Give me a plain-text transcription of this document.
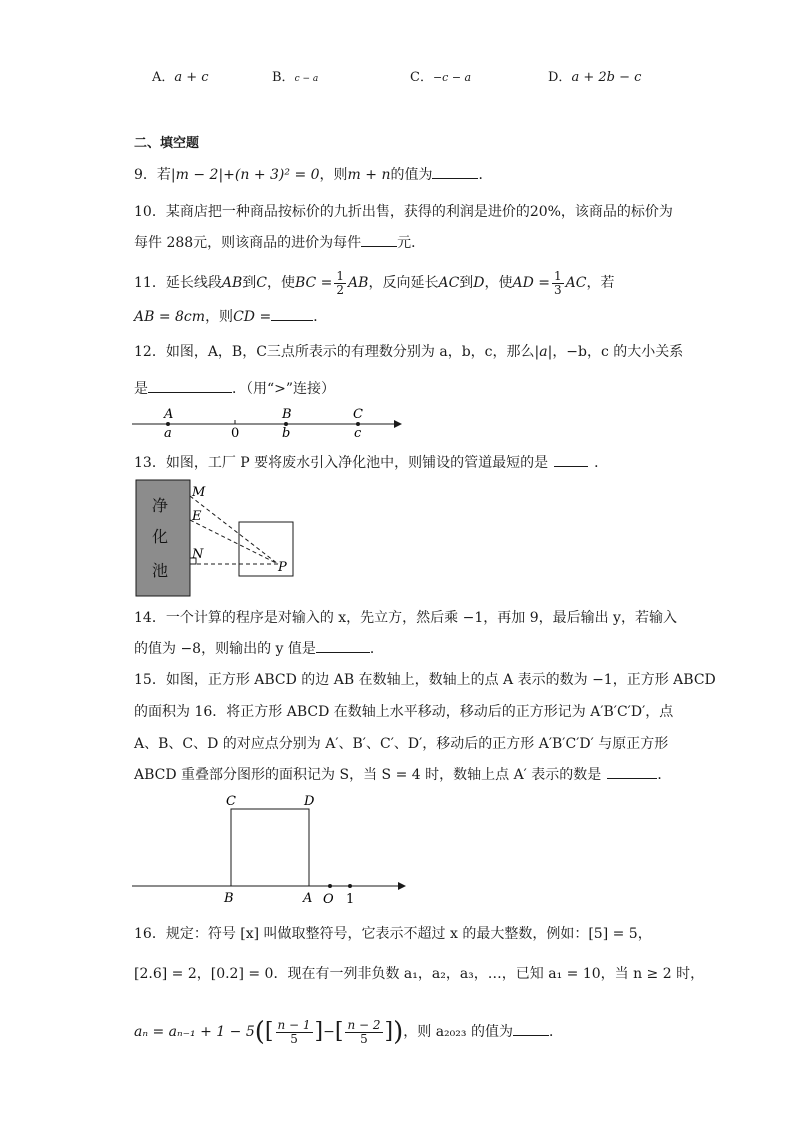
A．a + c	B．c − a	C．−c − a	D．a + 2b − c
二、填空题
9．若|m − 2|+(n + 3)² = 0，则m + n的值为	．
10．某商店把一种商品按标价的九折出售，获得的利润是进价的20%，该商品的标价为
每件 288元，则该商品的进价为每件	元．
11．延长线段AB到C，使BC = $\frac{1}{2}$ AB，反向延长AC到D，使AD = $\frac{1}{3}$ AC，若
AB = 8cm，则CD =	．
12．如图，A，B，C三点所表示的有理数分别为 a，b，c，那么|a|，−b，c 的大小关系
是	．（用“>”连接）
A
a	0
B
b
C
c
13．如图，工厂 P 要将废水引入净化池中，则铺设的管道最短的是	．
净
化
池
M
E
N
P
14．一个计算的程序是对输入的 x，先立方，然后乘 −1，再加 9，最后输出 y，若输入
的值为 −8，则输出的 y 值是	．
15．如图，正方形 ABCD 的边 AB 在数轴上，数轴上的点 A 表示的数为 −1，正方形 ABCD
的面积为 16．将正方形 ABCD 在数轴上水平移动，移动后的正方形记为 A′B′C′D′，点
A、B、C、D 的对应点分别为 A′、B′、C′、D′，移动后的正方形 A′B′C′D′ 与原正方形
ABCD 重叠部分图形的面积记为 S，当 S = 4 时，数轴上点 A′ 表示的数是	．
C	D
B	A O 1
16．规定：符号 [x] 叫做取整符号，它表示不超过 x 的最大整数，例如：[5] = 5，
[2.6] = 2，[0.2] = 0．现在有一列非负数 a₁，a₂，a₃，…，已知 a₁ = 10，当 n ≥ 2 时，
$a_n = a_{n-1} + 1 - 5([ \frac{n - 1}{5}$ ]−[ $\frac{n - 2}{5}$ ])，则 a₂₀₂₃ 的值为	．
